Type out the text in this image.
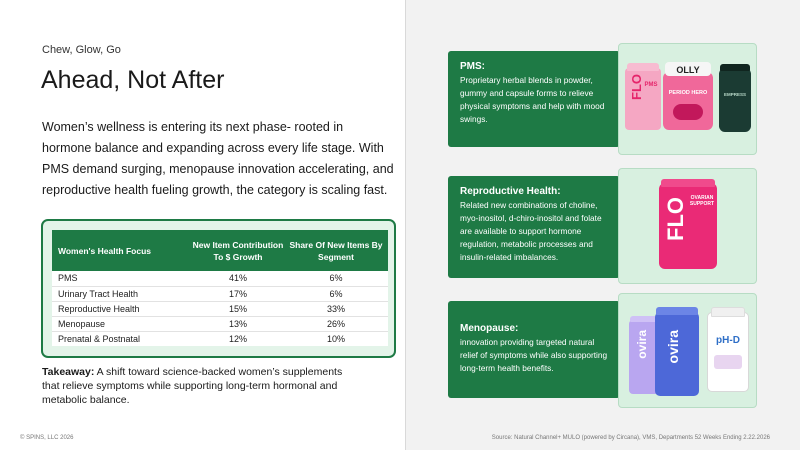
Chew, Glow, Go
Ahead, Not After
Women’s wellness is entering its next phase- rooted in hormone balance and expanding across every life stage. With PMS demand surging, menopause innovation accelerating, and reproductive health fueling growth, the category is scaling fast.
Women's Health Focus	New Item Contribution To $ Growth	Share Of New Items By Segment
PMS	41%	6%
Urinary Tract Health	17%	6%
Reproductive Health	15%	33%
Menopause	13%	26%
Prenatal & Postnatal	12%	10%
Takeaway: A shift toward science-backed women’s supplements that relieve symptoms while supporting long-term hormonal and metabolic balance.
© SPINS, LLC 2026
PMS:
Proprietary herbal blends in powder, gummy and capsule forms to relieve physical symptoms and help with mood swings.
FLO PMS
OLLY
PERIOD HERO	EMPRESS
Reproductive Health:
Related new combinations of choline, myo-inositol, d-chiro-inositol and folate are available to support hormone regulation, metabolic processes and insulin-related imbalances.
FLO OVARIAN SUPPORT
Menopause:
innovation providing targeted natural relief of symptoms while also supporting long-term health benefits.
ovira ovira	pH-D
Source: Natural Channel+ MULO (powered by Circana), VMS, Departments 52 Weeks Ending 2.22.2026
